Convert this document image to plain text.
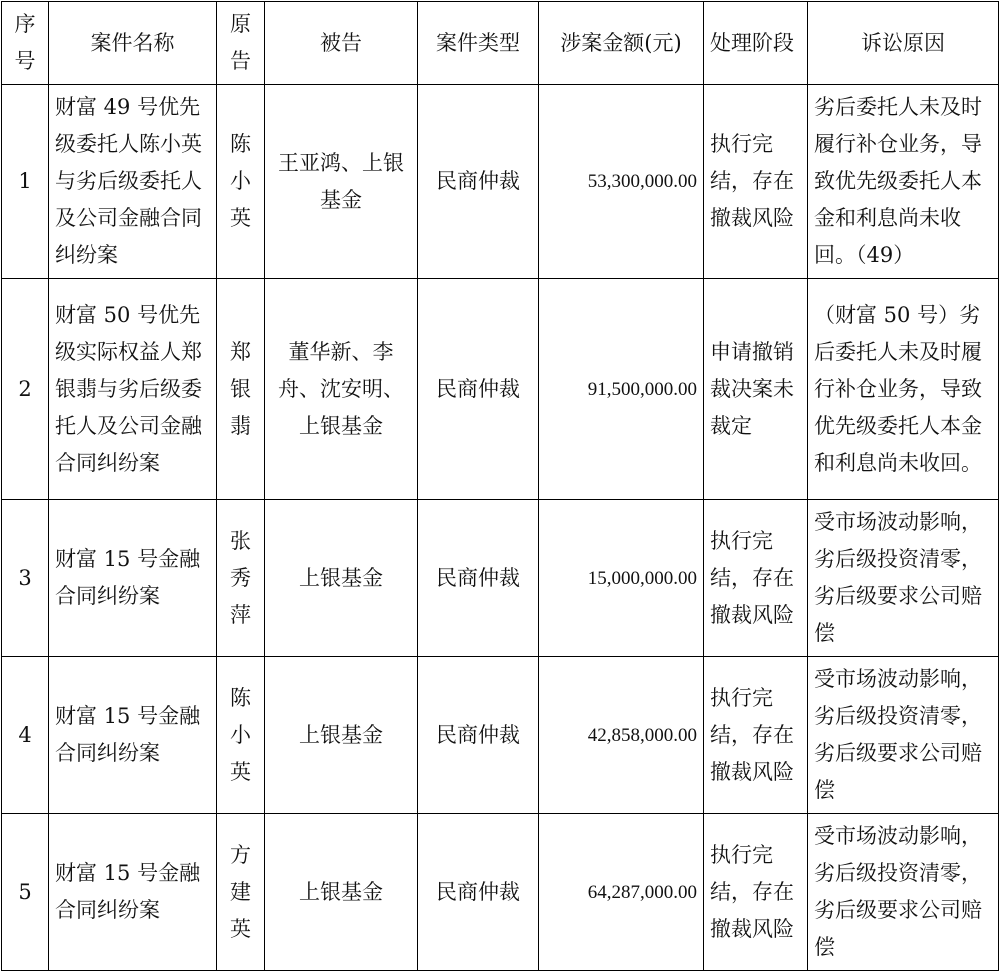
序号	案件名称	原告	被告	案件类型	涉案金额(元)	处理阶段	诉讼原因
1	财富 49 号优先级委托人陈小英与劣后级委托人及公司金融合同纠纷案	陈小英	王亚鸿、上银基金	民商仲裁	53,300,000.00	执行完结，存在撤裁风险	劣后委托人未及时履行补仓业务，导致优先级委托人本金和利息尚未收回。（49）
2	财富 50 号优先级实际权益人郑银翡与劣后级委托人及公司金融合同纠纷案	郑银翡	董华新、李舟、沈安明、上银基金	民商仲裁	91,500,000.00	申请撤销裁决案未裁定	（财富 50 号）劣后委托人未及时履行补仓业务，导致优先级委托人本金和利息尚未收回。
3	财富 15 号金融合同纠纷案	张秀萍	上银基金	民商仲裁	15,000,000.00	执行完结，存在撤裁风险	受市场波动影响，劣后级投资清零，劣后级要求公司赔偿
4	财富 15 号金融合同纠纷案	陈小英	上银基金	民商仲裁	42,858,000.00	执行完结，存在撤裁风险	受市场波动影响，劣后级投资清零，劣后级要求公司赔偿
5	财富 15 号金融合同纠纷案	方建英	上银基金	民商仲裁	64,287,000.00	执行完结，存在撤裁风险	受市场波动影响，劣后级投资清零，劣后级要求公司赔偿
